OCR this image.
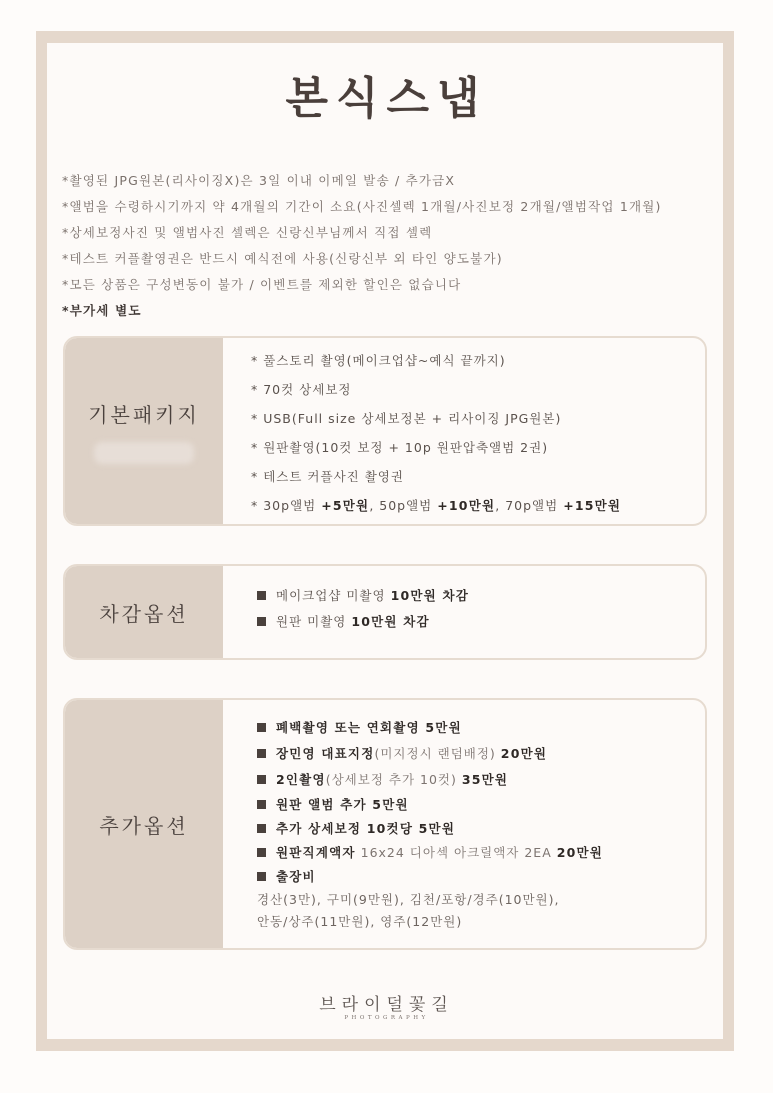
본식스냅
*촬영된 JPG원본(리사이징X)은 3일 이내 이메일 발송 / 추가금X
*앨범을 수령하시기까지 약 4개월의 기간이 소요(사진셀렉 1개월/사진보정 2개월/앨범작업 1개월)
*상세보정사진 및 앨범사진 셀렉은 신랑신부님께서 직접 셀렉
*테스트 커플촬영권은 반드시 예식전에 사용(신랑신부 외 타인 양도불가)
*모든 상품은 구성변동이 불가 / 이벤트를 제외한 할인은 없습니다
*부가세 별도
기본패키지
* 풀스토리 촬영(메이크업샵~예식 끝까지)
* 70컷 상세보정
* USB(Full size 상세보정본 + 리사이징 JPG원본)
* 원판촬영(10컷 보정 + 10p 원판압축앨범 2권)
* 테스트 커플사진 촬영권
* 30p앨범 +5만원, 50p앨범 +10만원, 70p앨범 +15만원
차감옵션
메이크업샵 미촬영 10만원 차감
원판 미촬영 10만원 차감
추가옵션
폐백촬영 또는 연회촬영 5만원
장민영 대표지정(미지정시 랜덤배정) 20만원
2인촬영(상세보정 추가 10컷) 35만원
원판 앨범 추가 5만원
추가 상세보정 10컷당 5만원
원판직계액자 16x24 디아섹 아크릴액자 2EA 20만원
출장비
경산(3만), 구미(9만원), 김천/포항/경주(10만원),
안동/상주(11만원), 영주(12만원)
브라이덜꽃길
PHOTOGRAPHY
